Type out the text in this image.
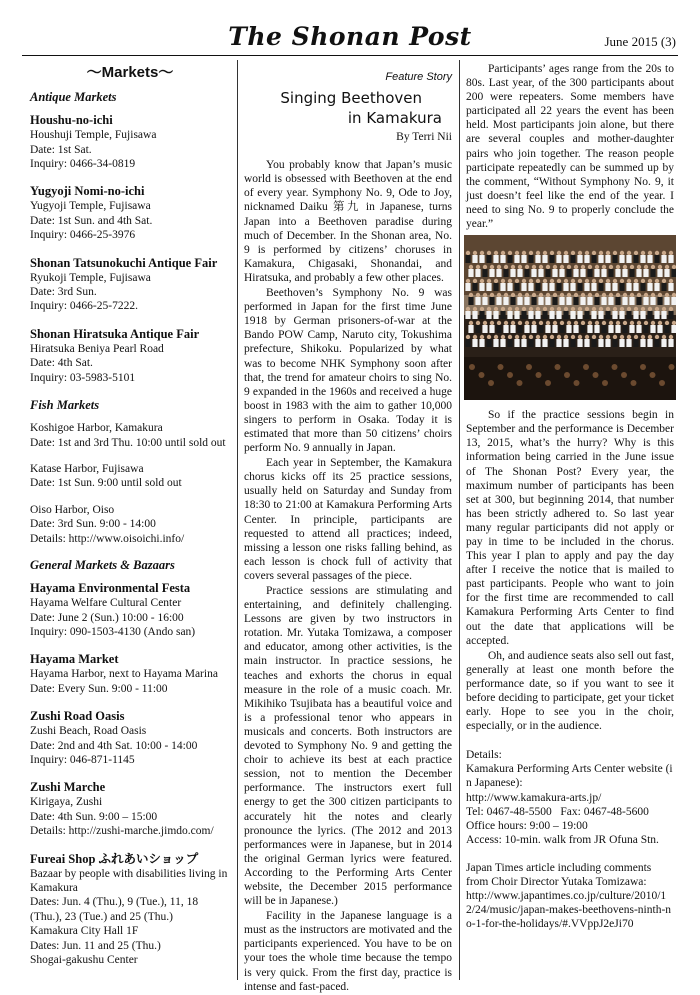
The Shonan Post	June 2015 (3)
〜Markets〜
Antique Markets
Houshu-no-ichi
Houshuji Temple, Fujisawa
Date: 1st Sat.
Inquiry: 0466-34-0819
Yugyoji Nomi-no-ichi
Yugyoji Temple, Fujisawa
Date: 1st Sun. and 4th Sat.
Inquiry: 0466-25-3976
Shonan Tatsunokuchi Antique Fair
Ryukoji Temple, Fujisawa
Date: 3rd Sun.
Inquiry: 0466-25-7222.
Shonan Hiratsuka Antique Fair
Hiratsuka Beniya Pearl Road
Date: 4th Sat.
Inquiry: 03-5983-5101
Fish Markets
Koshigoe Harbor, Kamakura
Date: 1st and 3rd Thu. 10:00 until sold out
Katase Harbor, Fujisawa
Date: 1st Sun. 9:00 until sold out
Oiso Harbor, Oiso
Date: 3rd Sun. 9:00 - 14:00
Details: http://www.oisoichi.info/
General Markets & Bazaars
Hayama Environmental Festa
Hayama Welfare Cultural Center
Date: June 2 (Sun.) 10:00 - 16:00
Inquiry: 090-1503-4130 (Ando san)
Hayama Market
Hayama Harbor, next to Hayama Marina
Date: Every Sun. 9:00 - 11:00
Zushi Road Oasis
Zushi Beach, Road Oasis
Date: 2nd and 4th Sat. 10:00 - 14:00
Inquiry: 046-871-1145
Zushi Marche
Kirigaya, Zushi
Date: 4th Sun. 9:00 – 15:00
Details: http://zushi-marche.jimdo.com/
Fureai Shop ふれあいショップ
Bazaar by people with disabilities living in Kamakura
Dates: Jun. 4 (Thu.), 9 (Tue.), 11, 18 (Thu.), 23 (Tue.) and 25 (Thu.)
Kamakura City Hall 1F
Dates: Jun. 11 and 25 (Thu.)
Shogai-gakushu Center
Feature Story
Singing Beethoven
in Kamakura
By Terri Nii
You probably know that Japan’s music world is obsessed with Beethoven at the end of every year. Symphony No. 9, Ode to Joy, nicknamed Daiku 第九 in Japanese, turns Japan into a Beethoven paradise during much of December. In the Shonan area, No. 9 is performed by citizens’ choruses in Kamakura, Chigasaki, Shonandai, and Hiratsuka, and probably a few other places.
Beethoven’s Symphony No. 9 was performed in Japan for the first time June 1918 by German prisoners-of-war at the Bando POW Camp, Naruto city, Tokushima prefecture, Shikoku. Popularized by what was to become NHK Symphony soon after that, the trend for amateur choirs to sing No. 9 expanded in the 1960s and received a huge boost in 1983 with the aim to gather 10,000 singers to perform in Osaka. Today it is estimated that more than 50 citizens’ choirs perform No. 9 annually in Japan.
Each year in September, the Kamakura chorus kicks off its 25 practice sessions, usually held on Saturday and Sunday from 18:30 to 21:00 at Kamakura Performing Arts Center. In principle, participants are requested to attend all practices; indeed, missing a lesson one risks falling behind, as each lesson is chock full of activity that covers several passages of the piece.
Practice sessions are stimulating and entertaining, and definitely challenging. Lessons are given by two instructors in rotation. Mr. Yutaka Tomizawa, a composer and educator, among other activities, is the main instructor. In practice sessions, he teaches and exhorts the chorus in equal measure in the role of a music coach. Mr. Mikihiko Tsujibata has a beautiful voice and is a professional tenor who appears in musicals and concerts. Both instructors are devoted to Symphony No. 9 and getting the choir to achieve its best at each practice session, not to mention the December performance. The instructors exert full energy to get the 300 citizen participants to accurately hit the notes and clearly pronounce the lyrics. (The 2012 and 2013 performances were in Japanese, but in 2014 the original German lyrics were featured. According to the Performing Arts Center website, the December 2015 performance will be in Japanese.)
Facility in the Japanese language is a must as the instructors are motivated and the participants experienced. You have to be on your toes the whole time because the tempo is very quick. From the first day, practice is intense and fast-paced.
Participants’ ages range from the 20s to 80s. Last year, of the 300 participants about 200 were repeaters. Some members have participated all 22 years the event has been held. Most participants join alone, but there are several couples and mother-daughter pairs who join together. The reason people participate repeatedly can be summed up by the comment, “Without Symphony No. 9, it just doesn’t feel like the end of the year. I need to sing No. 9 to properly conclude the year.”
So if the practice sessions begin in September and the performance is December 13, 2015, what’s the hurry? Why is this information being carried in the June issue of The Shonan Post? Every year, the maximum number of participants has been set at 300, but beginning 2014, that number has been strictly adhered to. So last year many regular participants did not apply or pay in time to be included in the chorus. This year I plan to apply and pay the day after I receive the notice that is mailed to past participants. People who want to join for the first time are recommended to call Kamakura Performing Arts Center to find out the date that applications will be accepted.
Oh, and audience seats also sell out fast, generally at least one month before the performance date, so if you want to see it before deciding to participate, get your ticket early. Hope to see you in the choir, especially, or in the audience.
Details:
Kamakura Performing Arts Center website (in Japanese):
http://www.kamakura-arts.jp/
Tel: 0467-48-5500   Fax: 0467-48-5600
Office hours: 9:00 – 19:00
Access: 10-min. walk from JR Ofuna Stn.
Japan Times article including comments from Choir Director Yutaka Tomizawa:
http://www.japantimes.co.jp/culture/2010/12/24/music/japan-makes-beethovens-ninth-no-1-for-the-holidays/#.VVppJ2eJi70
